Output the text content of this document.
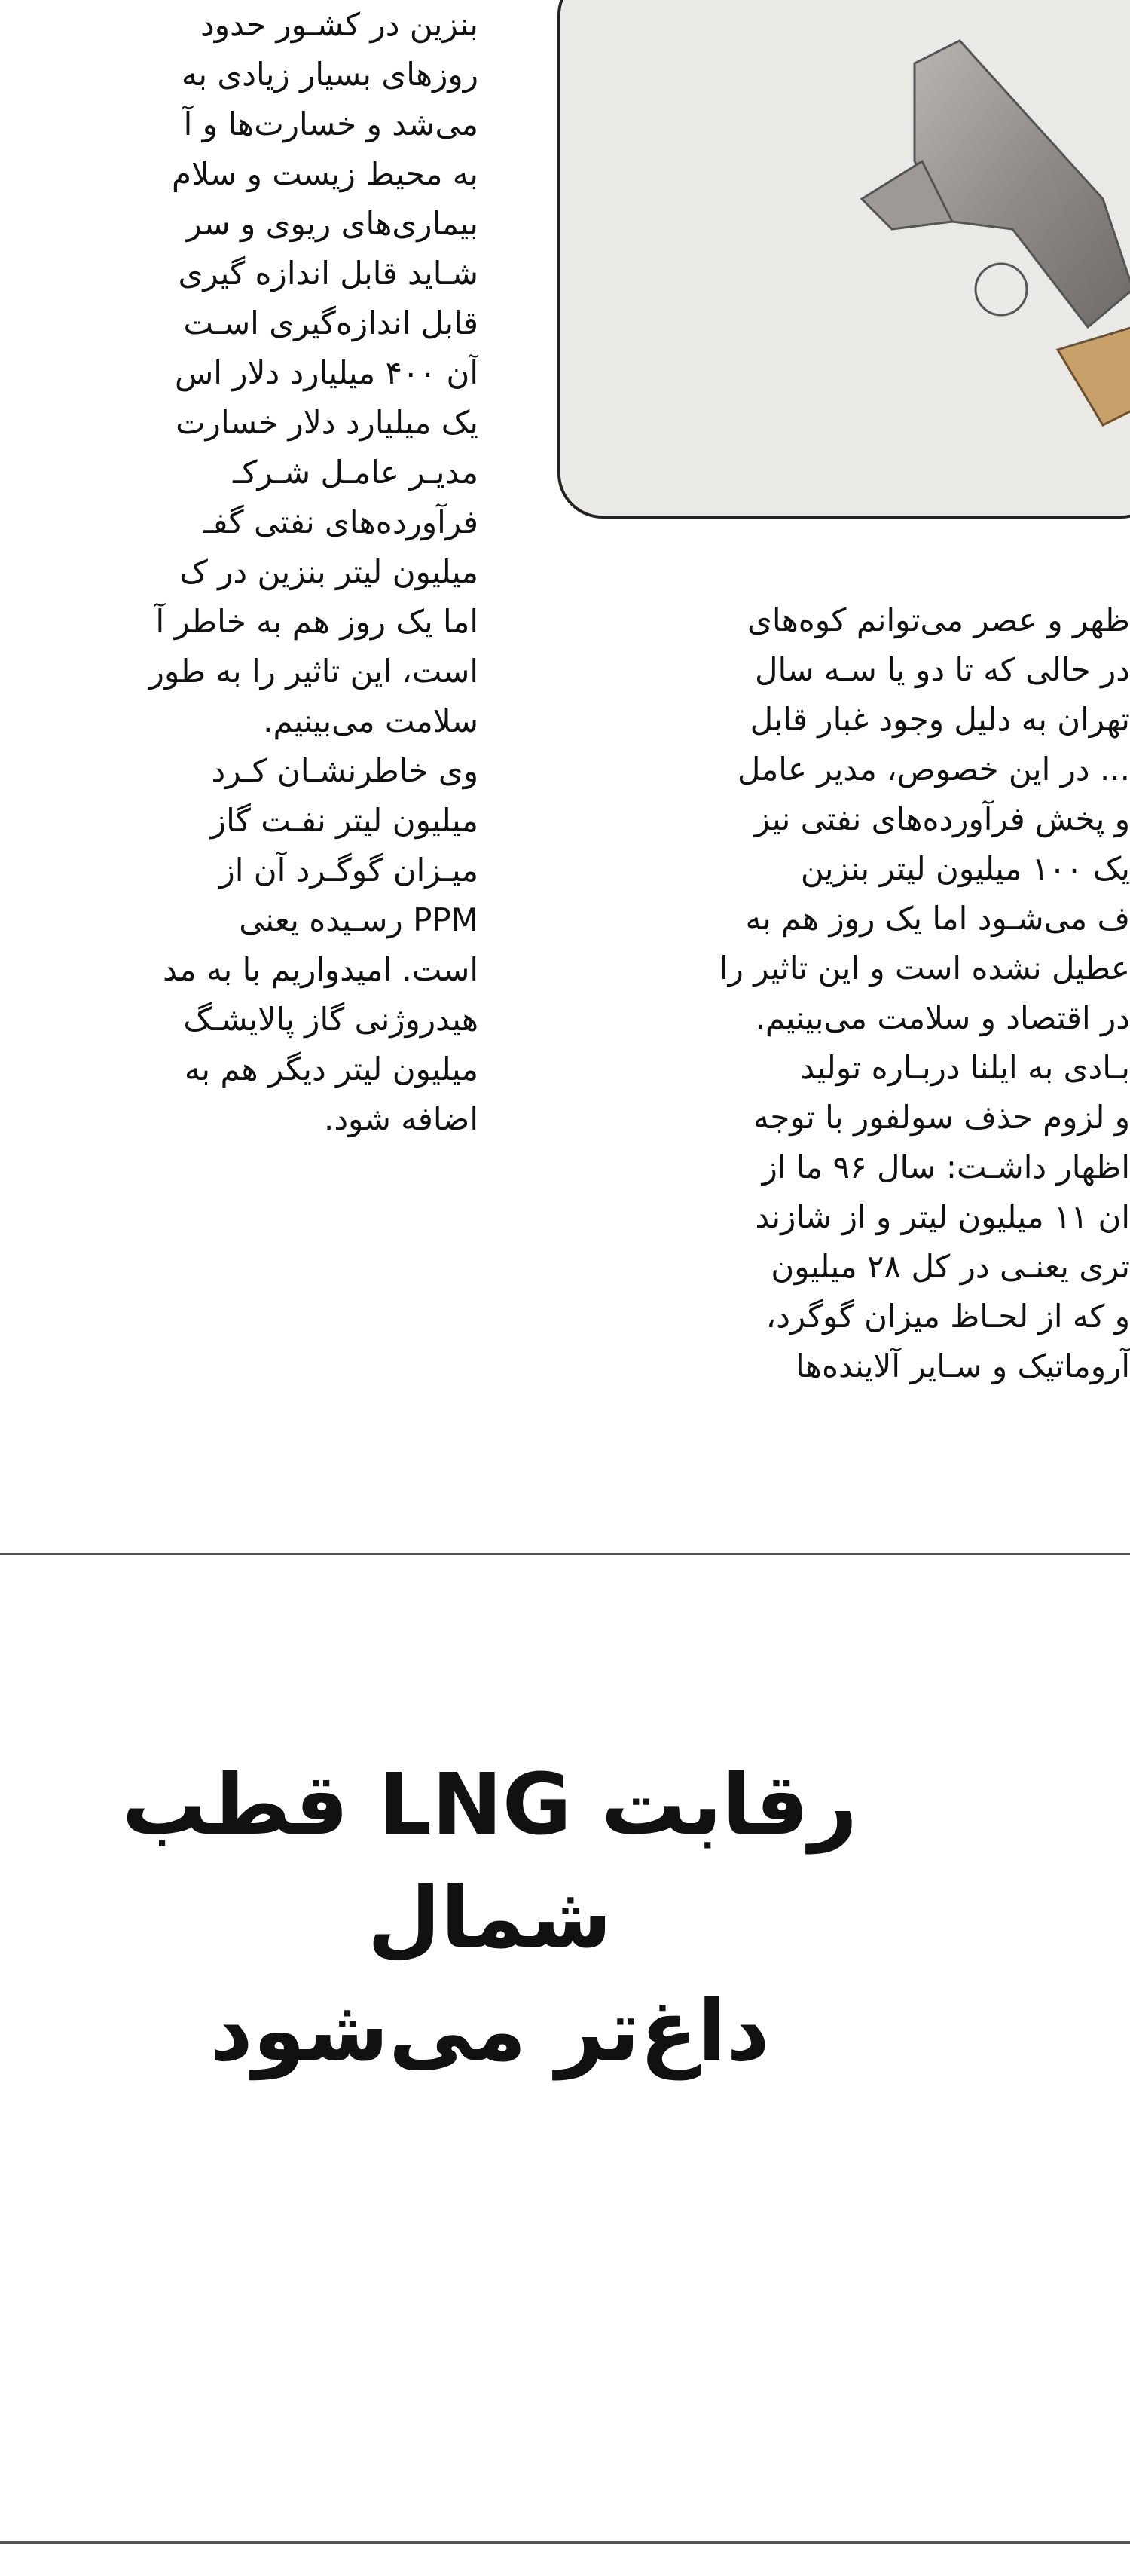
بنزین در کشـور حدود
روزهای بسیار زیادی به
می‌شد و خسارت‌ها و آ
به محیط زیست و سلام
بیماری‌های ریوی و سر
شـاید قابل اندازه گیری
قابل اندازه‌گیری اسـت
آن ۴۰۰ میلیارد دلار اس
یک میلیارد دلار خسارت
مدیـر عامـل شـرکـ
فرآورده‌های نفتی گفـ
میلیون لیتر بنزین در ک
اما یک روز هم به خاطر آ
است، این تاثیر را به طور
سلامت می‌بینیم.
وی خاطرنشـان کـرد
میلیون لیتر نفـت گاز
میـزان گوگـرد آن از
PPM رسـیده یعنی
است. امیدواریم با به مد
هیدروژنی گاز پالایشـگ
میلیون لیتر دیگر هم به
اضافه شود.
ظهر و عصر می‌توانم کوه‌های
در حالی که تا دو یا سـه سال
تهران به دلیل وجود غبار قابل
... در این خصوص، مدیر عامل
و پخش فرآورده‌های نفتی نیز
یک ۱۰۰ میلیون لیتر بنزین
ف می‌شـود اما یک روز هم به
عطیل نشده است و این تاثیر را
در اقتصاد و سلامت می‌بینیم.
بـادی به ایلنا دربـاره تولید
و لزوم حذف سولفور با توجه
اظهار داشـت: سال ۹۶ ما از
ان ۱۱ میلیون لیتر و از شازند
تری یعنـی در کل ۲۸ میلیون
و که از لحـاظ میزان گوگرد،
آروماتیک و سـایر آلاینده‌ها
رقابت LNG قطب شمال
داغ‌تر می‌شود
